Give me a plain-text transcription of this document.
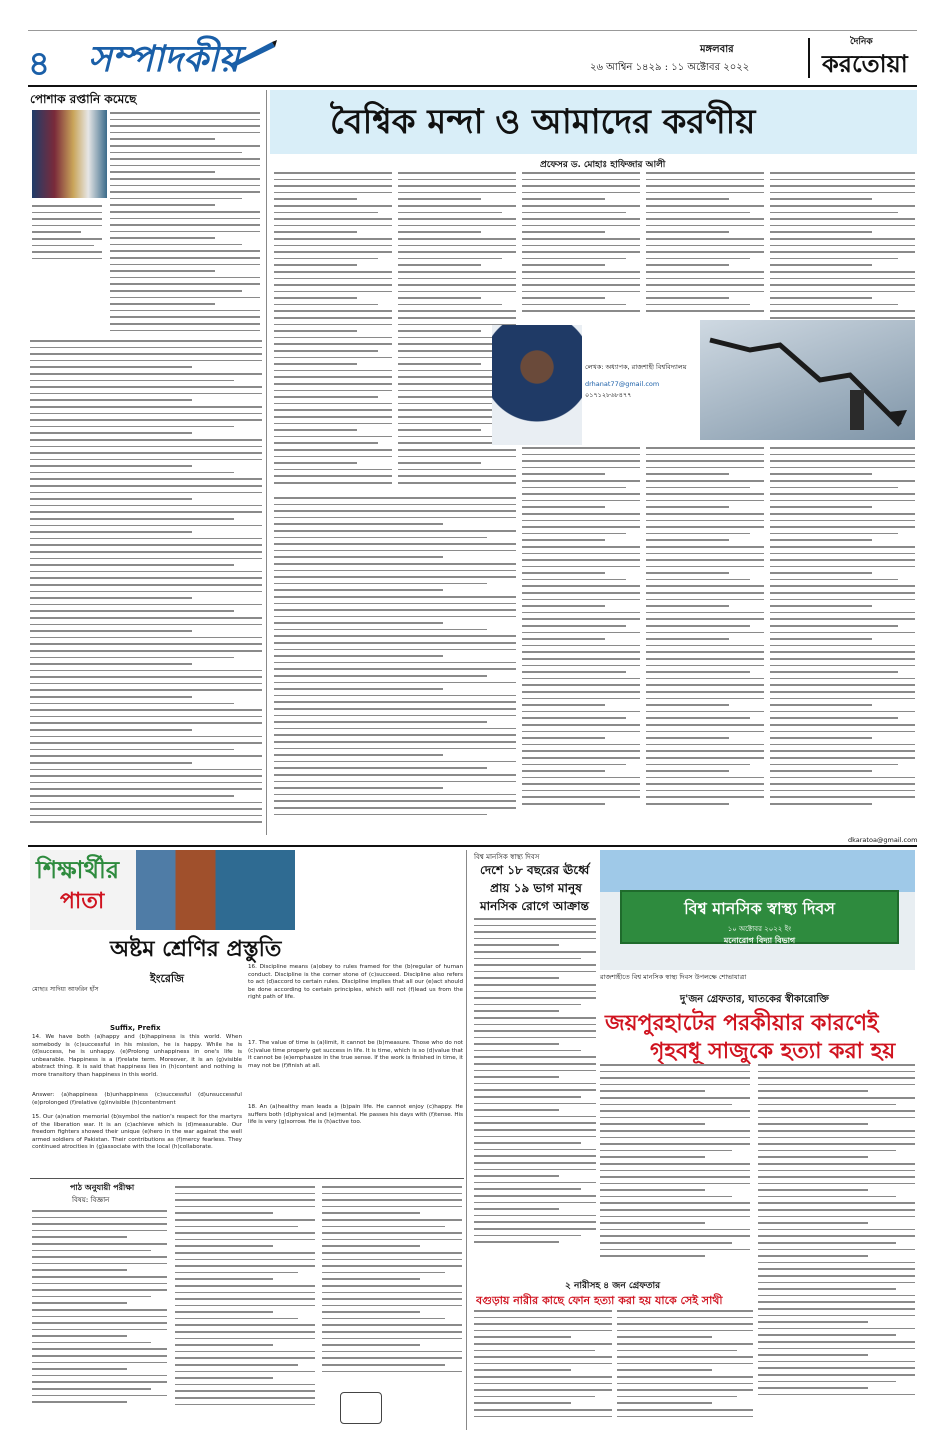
৪	সম্পাদকীয়	মঙ্গলবার
২৬ আশ্বিন ১৪২৯ : ১১ অক্টোবর ২০২২
দৈনিক
করতোয়া
পোশাক রপ্তানি কমেছে
বৈশ্বিক মন্দা ও আমাদের করণীয়
প্রফেসর ড. মোহাঃ হাফিজার আলী
লেখক: অধ্যাপক, রাজশাহী বিশ্ববিদ্যালয়
drhanat77@gmail.com
০১৭১২৮৬৮৪৭৭
dkaratoa@gmail.com
শিক্ষার্থীর
পাতা
অষ্টম শ্রেণির প্রস্তুতি
ইংরেজি
মোছাঃ সাদিয়া আফরিন হাঁস
Suffix, Prefix
14. We have both (a)happy and (b)happiness is this world. When somebody is (c)successful in his mission, he is happy. While he is (d)success, he is unhappy. (e)Prolong unhappiness in one's life is unbearable. Happiness is a (f)relate term. Moreover, it is an (g)visible abstract thing. It is said that happiness lies in (h)content and nothing is more transitory than happiness in this world.
Answer: (a)happiness (b)unhappiness (c)successful (d)unsuccessful (e)prolonged (f)relative (g)invisible (h)contentment
15. Our (a)nation memorial (b)symbol the nation's respect for the martyrs of the liberation war. It is an (c)achieve which is (d)measurable. Our freedom fighters showed their unique (e)hero in the war against the well armed soldiers of Pakistan. Their contributions as (f)mercy fearless. They continued atrocities in (g)associate with the local (h)collaborate.
16. Discipline means (a)obey to rules framed for the (b)regular of human conduct. Discipline is the corner stone of (c)succeed. Discipline also refers to act (d)accord to certain rules. Discipline implies that all our (e)act should be done according to certain principles, which will not (f)lead us from the right path of life.
17. The value of time is (a)limit, it cannot be (b)measure. Those who do not (c)value time properly get success in life. It is time, which is so (d)value that it cannot be (e)emphasize in the true sense. If the work is finished in time, it may not be (f)finish at all.
18. An (a)healthy man leads a (b)pain life. He cannot enjoy (c)happy. He suffers both (d)physical and (e)mental. He passes his days with (f)tense. His life is very (g)sorrow. He is (h)active too.
পাঠ অনুযায়ী পরীক্ষা
বিষয়: বিজ্ঞান
বিশ্ব মানসিক স্বাস্থ্য দিবস
দেশে ১৮ বছরের ঊর্ধ্বে
প্রায় ১৯ ভাগ মানুষ
মানসিক রোগে আক্রান্ত	বিশ্ব মানসিক স্বাস্থ্য দিবস
১০ অক্টোবর ২০২২ ইং
মনোরোগ বিদ্যা বিভাগ
রাজশাহীতে বিশ্ব মানসিক স্বাস্থ্য দিবস উপলক্ষে শোভাযাত্রা
দু'জন গ্রেফতার, ঘাতকের স্বীকারোক্তি
জয়পুরহাটের পরকীয়ার কারণেই
গৃহবধূ সাজুকে হত্যা করা হয়
২ নারীসহ ৪ জন গ্রেফতার
বগুড়ায় নারীর কাছে ফোন হত্যা করা হয় যাকে সেই সাথী
